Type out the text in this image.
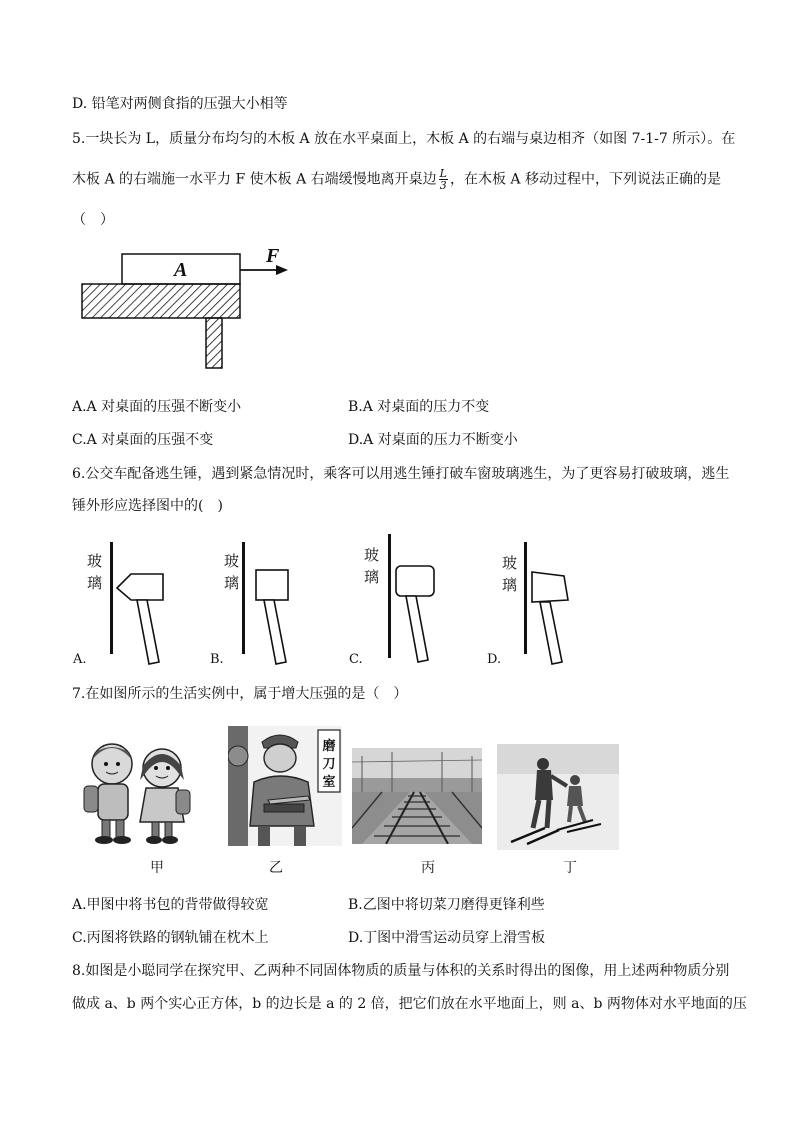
D. 铅笔对两侧食指的压强大小相等
5.一块长为 L，质量分布均匀的木板 A 放在水平桌面上，木板 A 的右端与桌边相齐（如图 7-1-7 所示）。在
木板 A 的右端施一水平力 F 使木板 A 右端缓慢地离开桌边 $\frac{L}{3}$ ，在木板 A 移动过程中，下列说法正确的是
（　）
A
F
A.A 对桌面的压强不断变小	B.A 对桌面的压力不变
C.A 对桌面的压强不变	D.A 对桌面的压力不断变小
6.公交车配备逃生锤，遇到紧急情况时，乘客可以用逃生锤打破车窗玻璃逃生，为了更容易打破玻璃，逃生
锤外形应选择图中的(　)
玻
璃
A.
玻
璃
B.
玻
璃
C.
玻
璃
D.
7.在如图所示的生活实例中，属于增大压强的是（　）
甲
磨
刀
室
乙	丙	丁
A.甲图中将书包的背带做得较宽	B.乙图中将切菜刀磨得更锋利些
C.丙图将铁路的钢轨铺在枕木上	D.丁图中滑雪运动员穿上滑雪板
8.如图是小聪同学在探究甲、乙两种不同固体物质的质量与体积的关系时得出的图像，用上述两种物质分别
做成 a、b 两个实心正方体，b 的边长是 a 的 2 倍，把它们放在水平地面上，则 a、b 两物体对水平地面的压
